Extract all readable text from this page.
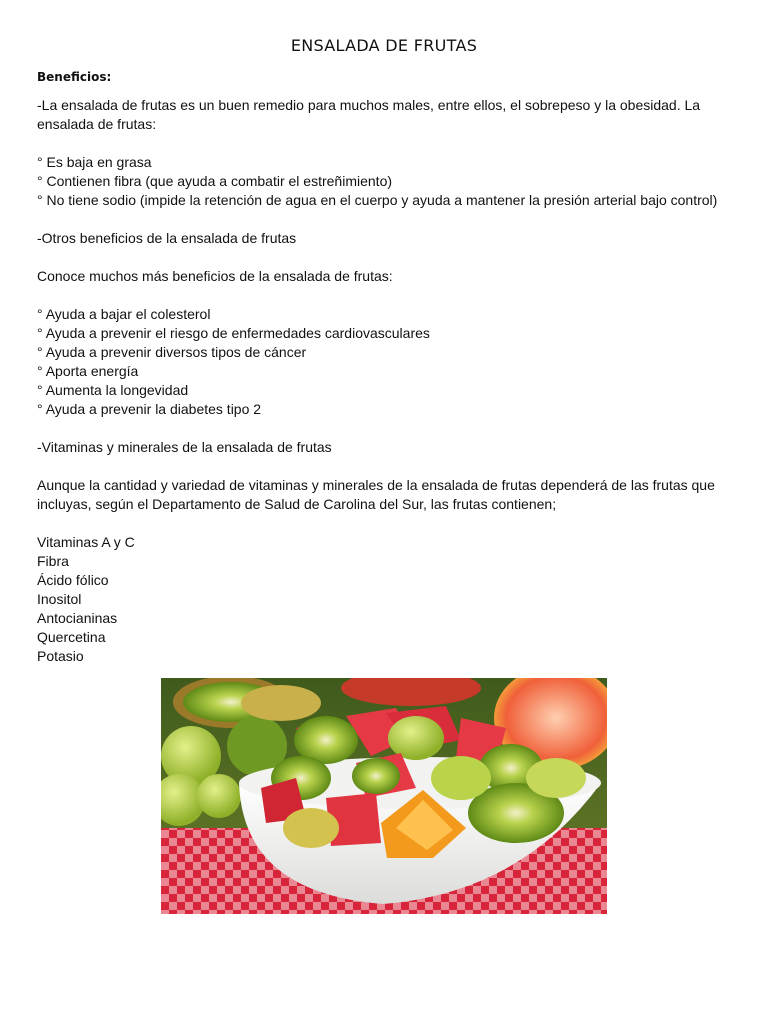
ENSALADA DE FRUTAS
Beneficios:

-La ensalada de frutas es un buen remedio para muchos males, entre ellos, el sobrepeso y la obesidad. La

ensalada de frutas:

° Es baja en grasa

° Contienen fibra (que ayuda a combatir el estreñimiento)

° No tiene sodio (impide la retención de agua en el cuerpo y ayuda a mantener la presión arterial bajo control)

-Otros beneficios de la ensalada de frutas

Conoce muchos más beneficios de la ensalada de frutas:

° Ayuda a bajar el colesterol

° Ayuda a prevenir el riesgo de enfermedades cardiovasculares

° Ayuda a prevenir diversos tipos de cáncer

° Aporta energía

° Aumenta la longevidad

° Ayuda a prevenir la diabetes tipo 2

-Vitaminas y minerales de la ensalada de frutas

Aunque la cantidad y variedad de vitaminas y minerales de la ensalada de frutas dependerá de las frutas que

incluyas, según el Departamento de Salud de Carolina del Sur, las frutas contienen;

Vitaminas A y C

Fibra

Ácido fólico

Inositol

Antocianinas

Quercetina

Potasio
